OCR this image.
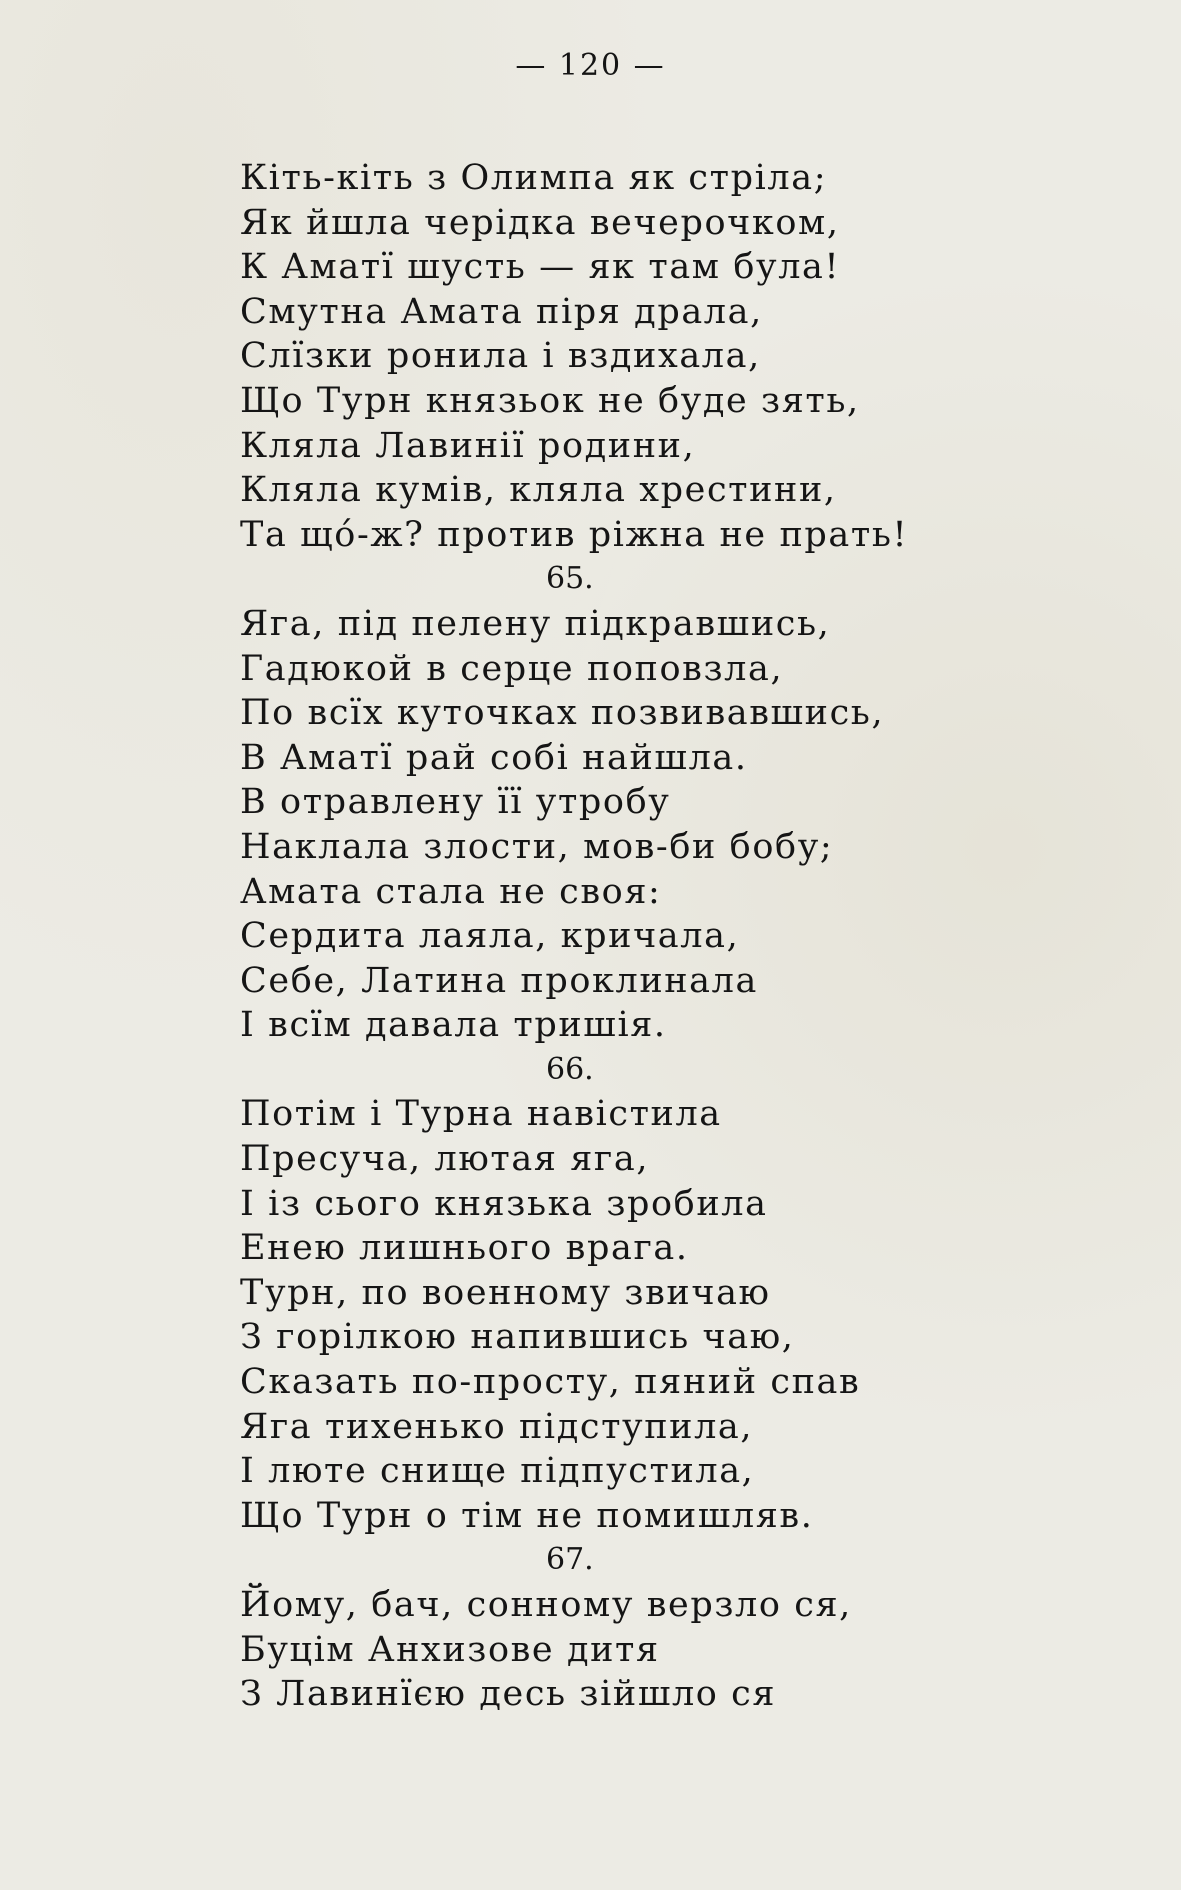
— 120 —
Кіть-кіть з Олимпа як стріла;
Як йшла черідка вечерочком,
К Аматї шусть — як там була!
Смутна Амата піря драла,
Слїзки ронила і вздихала,
Що Турн князьок не буде зять,
Кляла Лавинії родини,
Кляла кумів, кляла хрестини,
Та щó-ж? против ріжна не прать!
65.
Яга, під пелену підкравшись,
Гадюкой в серце поповзла,
По всїх куточках позвивавшись,
В Аматї рай собі найшла.
В отравлену її утробу
Наклала злости, мов-би бобу;
Амата стала не своя:
Сердита лаяла, кричала,
Себе, Латина проклинала
І всїм давала тришія.
66.
Потім і Турна навістила
Пресуча, лютая яга,
І із сього князька зробила
Енею лишнього врага.
Турн, по военному звичаю
З горілкою напившись чаю,
Сказать по-просту, пяний спав
Яга тихенько підступила,
І люте снище підпустила,
Що Турн о тім не помишляв.
67.
Йому, бач, сонному верзло ся,
Буцім Анхизове дитя
З Лавинїєю десь зійшло ся
